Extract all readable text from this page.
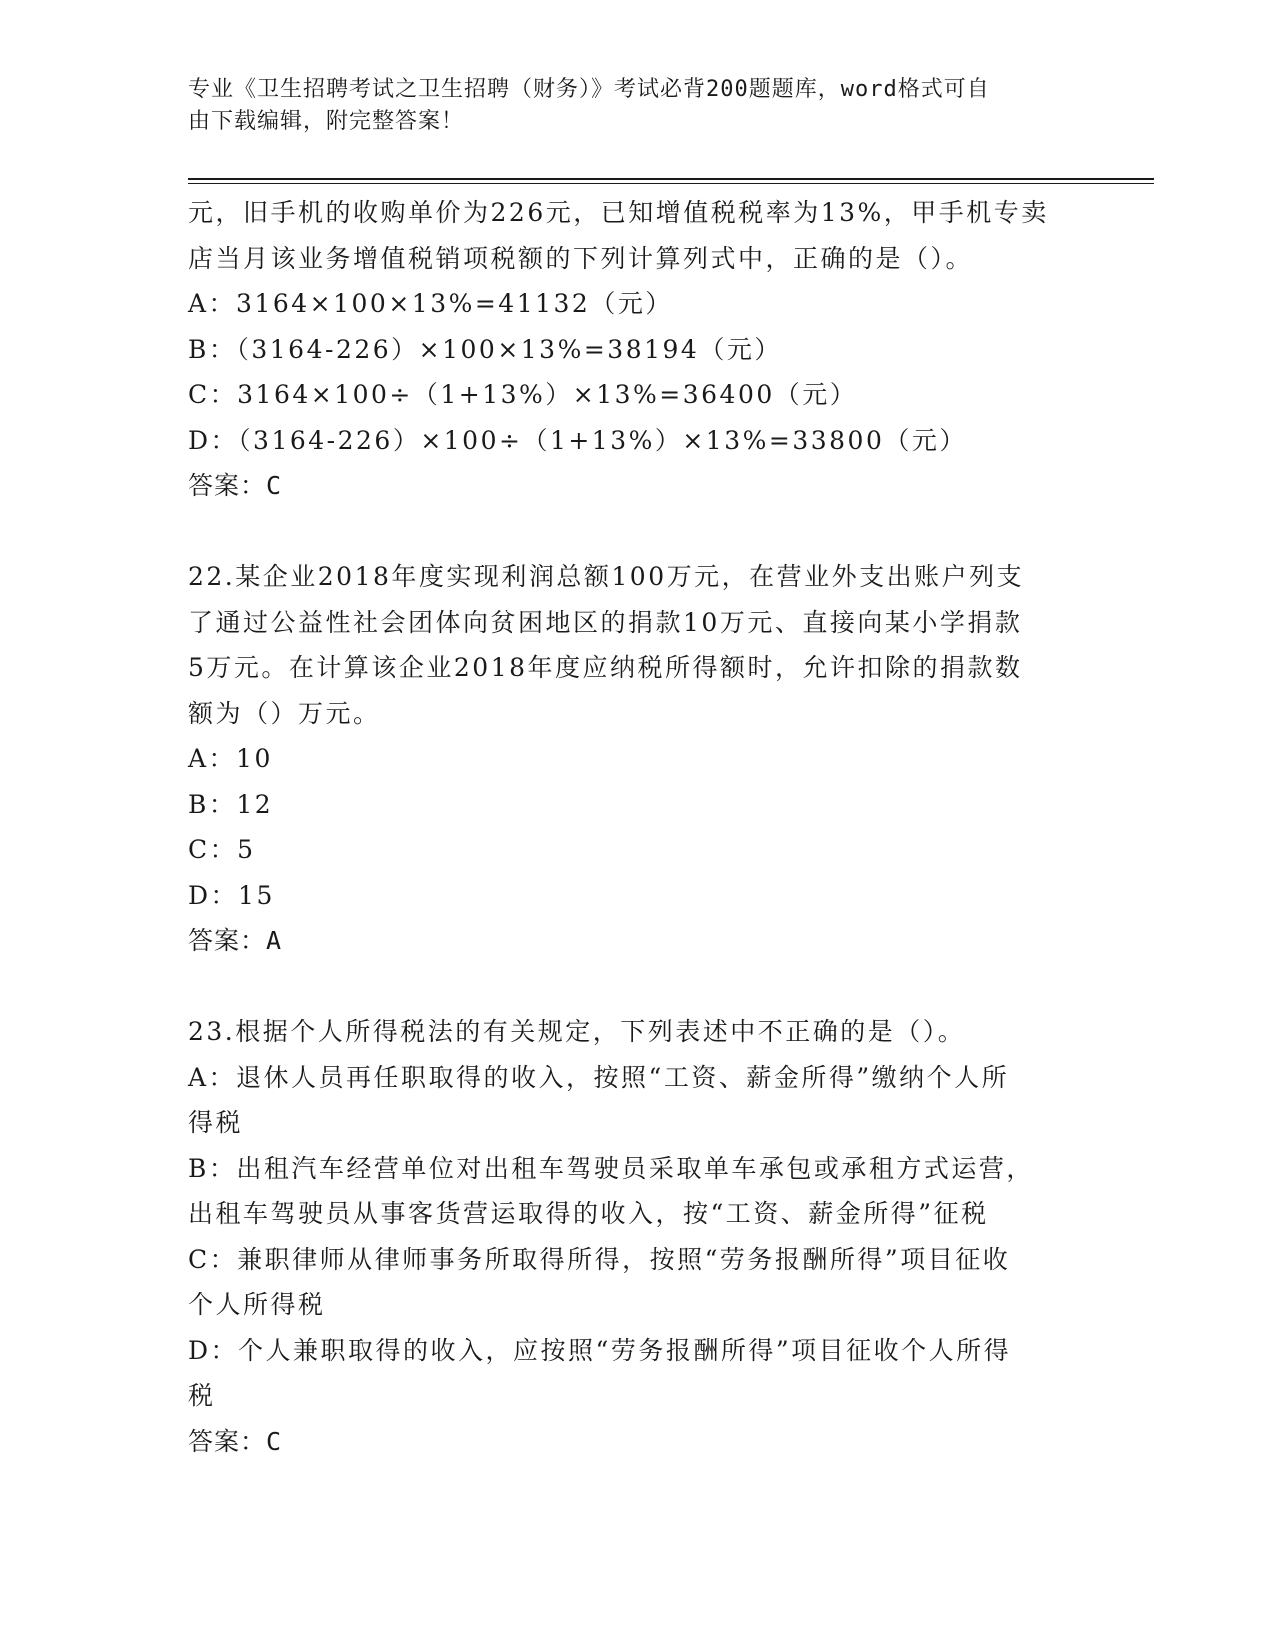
专业《卫生招聘考试之卫生招聘（财务）》考试必背200题题库，word格式可自
由下载编辑，附完整答案！
元，旧手机的收购单价为226元，已知增值税税率为13%，甲手机专卖
店当月该业务增值税销项税额的下列计算列式中，正确的是（）。
A：3164×100×13%=41132（元）
B：（3164-226）×100×13%=38194（元）
C：3164×100÷（1+13%）×13%=36400（元）
D：（3164-226）×100÷（1+13%）×13%=33800（元）
答案：C
22.某企业2018年度实现利润总额100万元，在营业外支出账户列支
了通过公益性社会团体向贫困地区的捐款10万元、直接向某小学捐款
5万元。在计算该企业2018年度应纳税所得额时，允许扣除的捐款数
额为（）万元。
A：10
B：12
C：5
D：15
答案：A
23.根据个人所得税法的有关规定，下列表述中不正确的是（）。
A：退休人员再任职取得的收入，按照“工资、薪金所得”缴纳个人所
得税
B：出租汽车经营单位对出租车驾驶员采取单车承包或承租方式运营，
出租车驾驶员从事客货营运取得的收入，按“工资、薪金所得”征税
C：兼职律师从律师事务所取得所得，按照“劳务报酬所得”项目征收
个人所得税
D：个人兼职取得的收入，应按照“劳务报酬所得”项目征收个人所得
税
答案：C
